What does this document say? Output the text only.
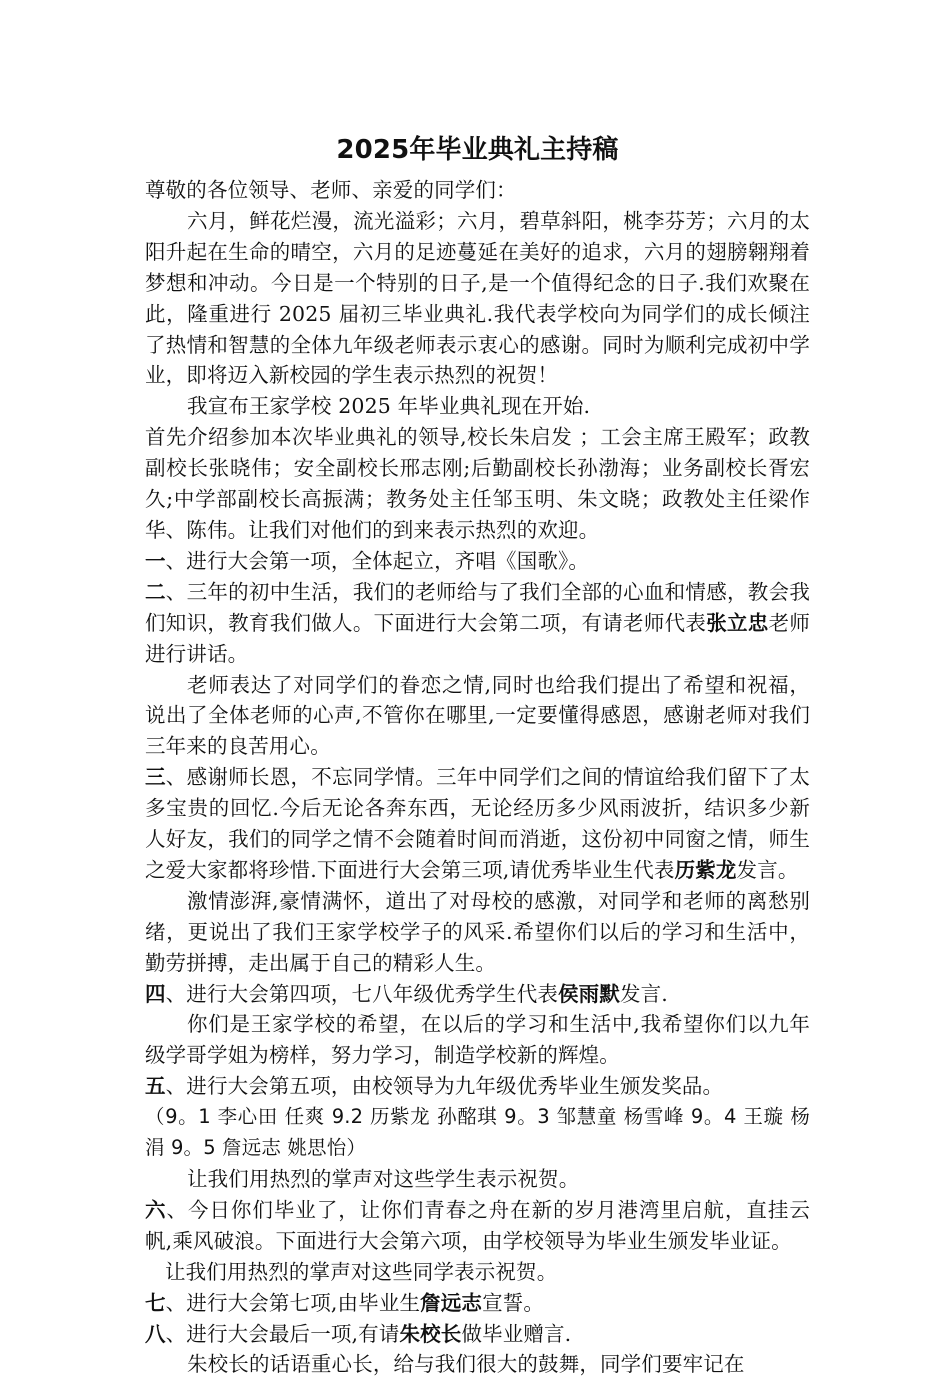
2025年毕业典礼主持稿

尊敬的各位领导、老师、亲爱的同学们：

六月，鲜花烂漫，流光溢彩；六月，碧草斜阳，桃李芬芳；六月的太阳升起在生命的晴空，六月的足迹蔓延在美好的追求，六月的翅膀翱翔着梦想和冲动。今日是一个特别的日子,是一个值得纪念的日子.我们欢聚在此，隆重进行 2025 届初三毕业典礼.我代表学校向为同学们的成长倾注了热情和智慧的全体九年级老师表示衷心的感谢。同时为顺利完成初中学业，即将迈入新校园的学生表示热烈的祝贺！

我宣布王家学校 2025 年毕业典礼现在开始.

首先介绍参加本次毕业典礼的领导,校长朱启发 ；工会主席王殿军；政教副校长张晓伟；安全副校长邢志刚;后勤副校长孙渤海；业务副校长胥宏久;中学部副校长高振满；教务处主任邹玉明、朱文晓；政教处主任梁作华、陈伟。让我们对他们的到来表示热烈的欢迎。

一、进行大会第一项，全体起立，齐唱《国歌》。

二、三年的初中生活，我们的老师给与了我们全部的心血和情感，教会我们知识，教育我们做人。下面进行大会第二项，有请老师代表张立忠老师进行讲话。

老师表达了对同学们的眷恋之情,同时也给我们提出了希望和祝福，说出了全体老师的心声,不管你在哪里,一定要懂得感恩，感谢老师对我们三年来的良苦用心。

三、感谢师长恩，不忘同学情。三年中同学们之间的情谊给我们留下了太多宝贵的回忆.今后无论各奔东西，无论经历多少风雨波折，结识多少新人好友，我们的同学之情不会随着时间而消逝，这份初中同窗之情，师生之爱大家都将珍惜.下面进行大会第三项,请优秀毕业生代表历紫龙发言。

激情澎湃,豪情满怀，道出了对母校的感激，对同学和老师的离愁别绪，更说出了我们王家学校学子的风采.希望你们以后的学习和生活中，勤劳拼搏，走出属于自己的精彩人生。

四、进行大会第四项，七八年级优秀学生代表侯雨默发言.

你们是王家学校的希望，在以后的学习和生活中,我希望你们以九年级学哥学姐为榜样，努力学习，制造学校新的辉煌。

五、进行大会第五项，由校领导为九年级优秀毕业生颁发奖品。

（9。1 李心田 任爽 9.2 历紫龙 孙酩琪 9。3 邹慧童 杨雪峰 9。4 王璇 杨涓 9。5 詹远志 姚思怡）

让我们用热烈的掌声对这些学生表示祝贺。

六、今日你们毕业了，让你们青春之舟在新的岁月港湾里启航，直挂云帆,乘风破浪。下面进行大会第六项，由学校领导为毕业生颁发毕业证。

让我们用热烈的掌声对这些同学表示祝贺。

七、进行大会第七项,由毕业生詹远志宣誓。

八、进行大会最后一项,有请朱校长做毕业赠言.

朱校长的话语重心长，给与我们很大的鼓舞，同学们要牢记在
